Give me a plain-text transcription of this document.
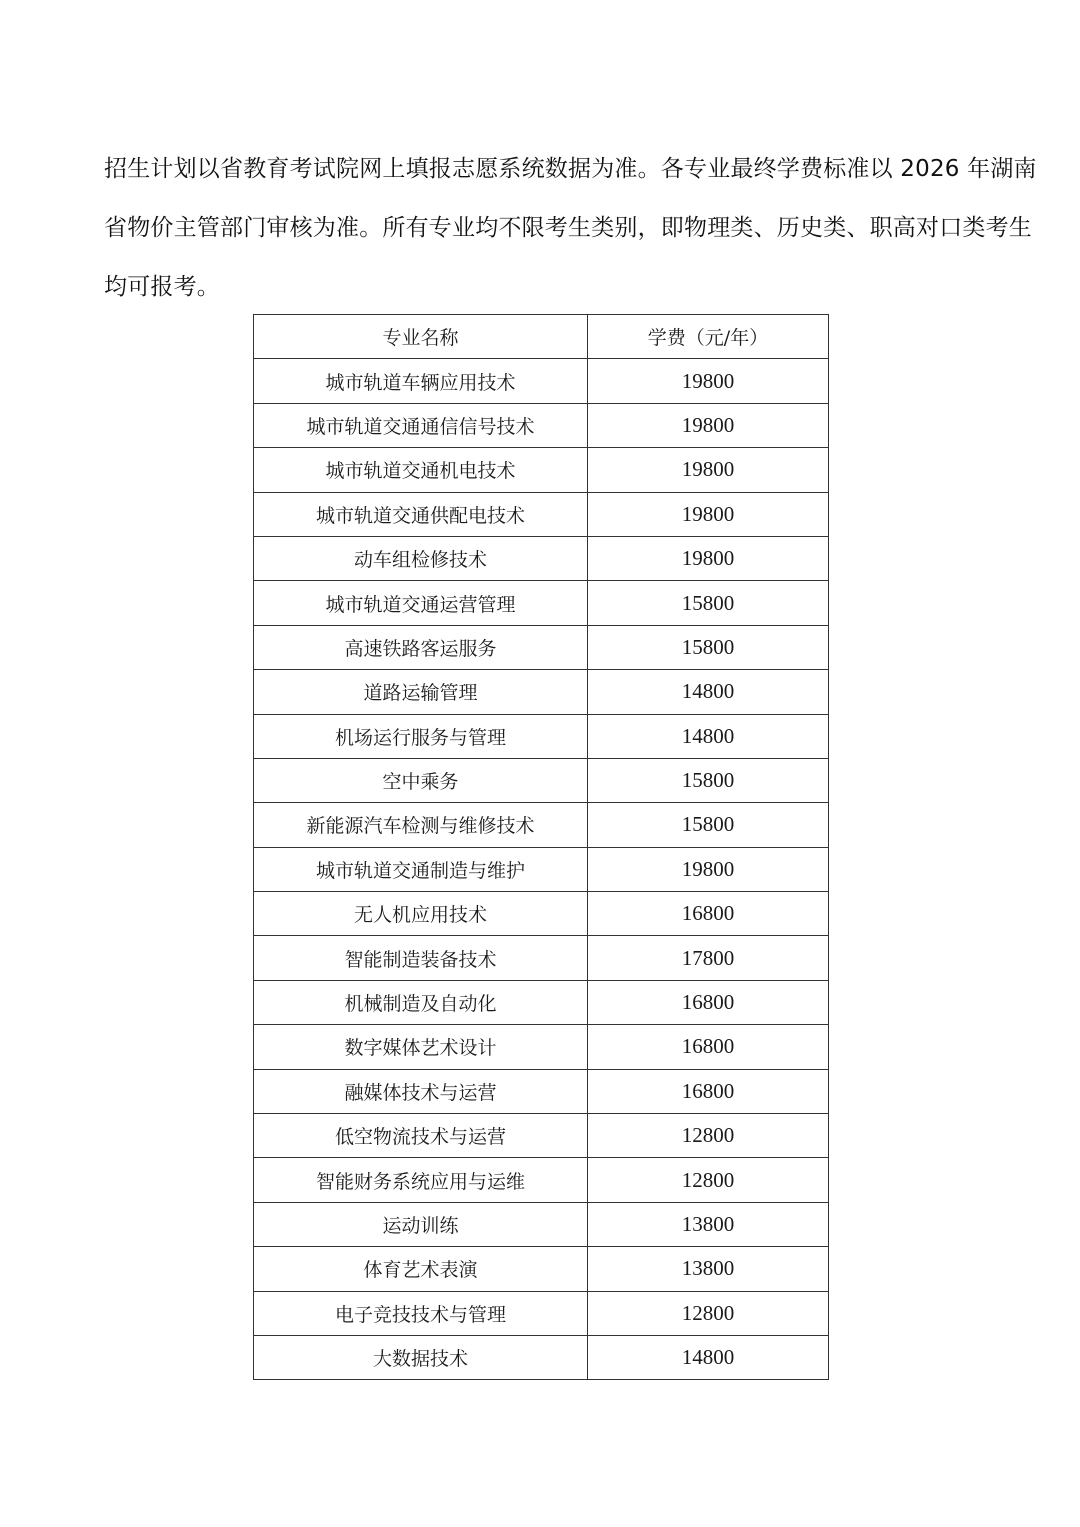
招生计划以省教育考试院网上填报志愿系统数据为准。各专业最终学费标准以 2026 年湖南
省物价主管部门审核为准。所有专业均不限考生类别，即物理类、历史类、职高对口类考生
均可报考。
专业名称	学费（元/年）
城市轨道车辆应用技术	19800
城市轨道交通通信信号技术	19800
城市轨道交通机电技术	19800
城市轨道交通供配电技术	19800
动车组检修技术	19800
城市轨道交通运营管理	15800
高速铁路客运服务	15800
道路运输管理	14800
机场运行服务与管理	14800
空中乘务	15800
新能源汽车检测与维修技术	15800
城市轨道交通制造与维护	19800
无人机应用技术	16800
智能制造装备技术	17800
机械制造及自动化	16800
数字媒体艺术设计	16800
融媒体技术与运营	16800
低空物流技术与运营	12800
智能财务系统应用与运维	12800
运动训练	13800
体育艺术表演	13800
电子竞技技术与管理	12800
大数据技术	14800
